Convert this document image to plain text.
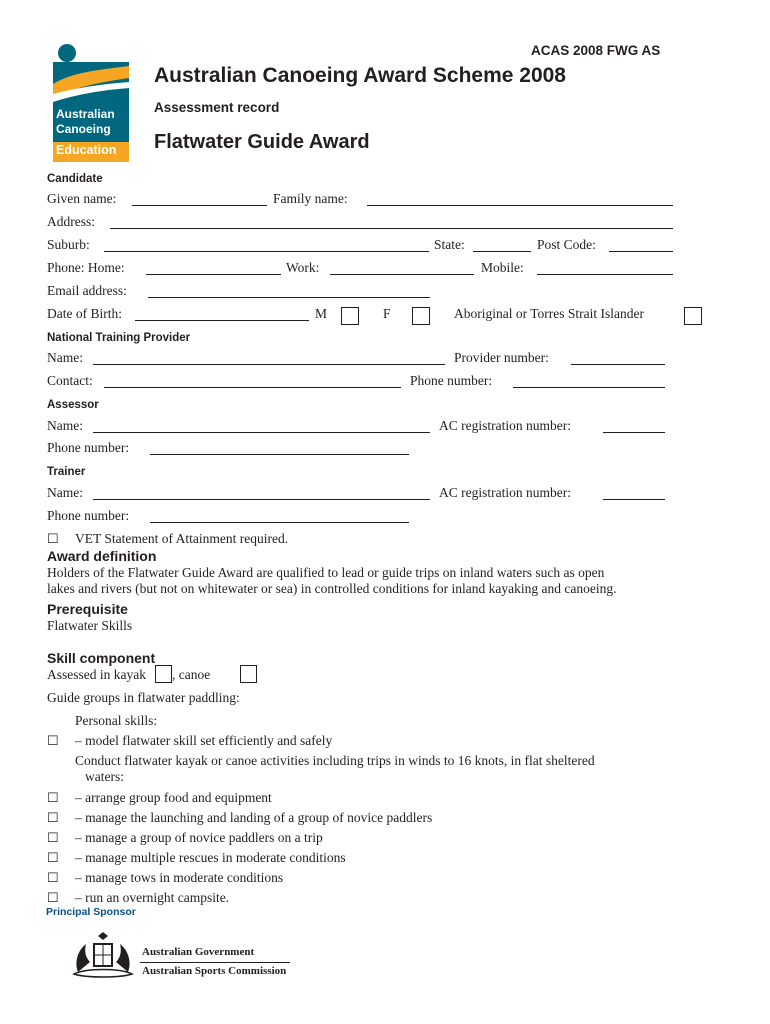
ACAS 2008 FWG AS
Australian
Canoeing
Education
Australian Canoeing Award Scheme 2008
Assessment record
Flatwater Guide Award
Candidate
Given name:	Family name:
Address:
Suburb:	State:	Post Code:
Phone: Home:	Work:	Mobile:
Email address:
Date of Birth:	M	F	Aboriginal or Torres Strait Islander
National Training Provider
Name:	Provider number:
Contact:	Phone number:
Assessor
Name:	AC registration number:
Phone number:
Trainer
Name:	AC registration number:
Phone number:
☐ VET Statement of Attainment required.
Award definition
Holders of the Flatwater Guide Award are qualified to lead or guide trips on inland waters such as open
lakes and rivers (but not on whitewater or sea) in controlled conditions for inland kayaking and canoeing.
Prerequisite
Flatwater Skills
Skill component
Assessed in kayak , canoe
Guide groups in flatwater paddling:
Personal skills:
☐ – model flatwater skill set efficiently and safely
Conduct flatwater kayak or canoe activities including trips in winds to 16 knots, in flat sheltered
waters:
☐ – arrange group food and equipment
☐ – manage the launching and landing of a group of novice paddlers
☐ – manage a group of novice paddlers on a trip
☐ – manage multiple rescues in moderate conditions
☐ – manage tows in moderate conditions
☐ – run an overnight campsite.
Principal Sponsor
Australian Government
Australian Sports Commission
